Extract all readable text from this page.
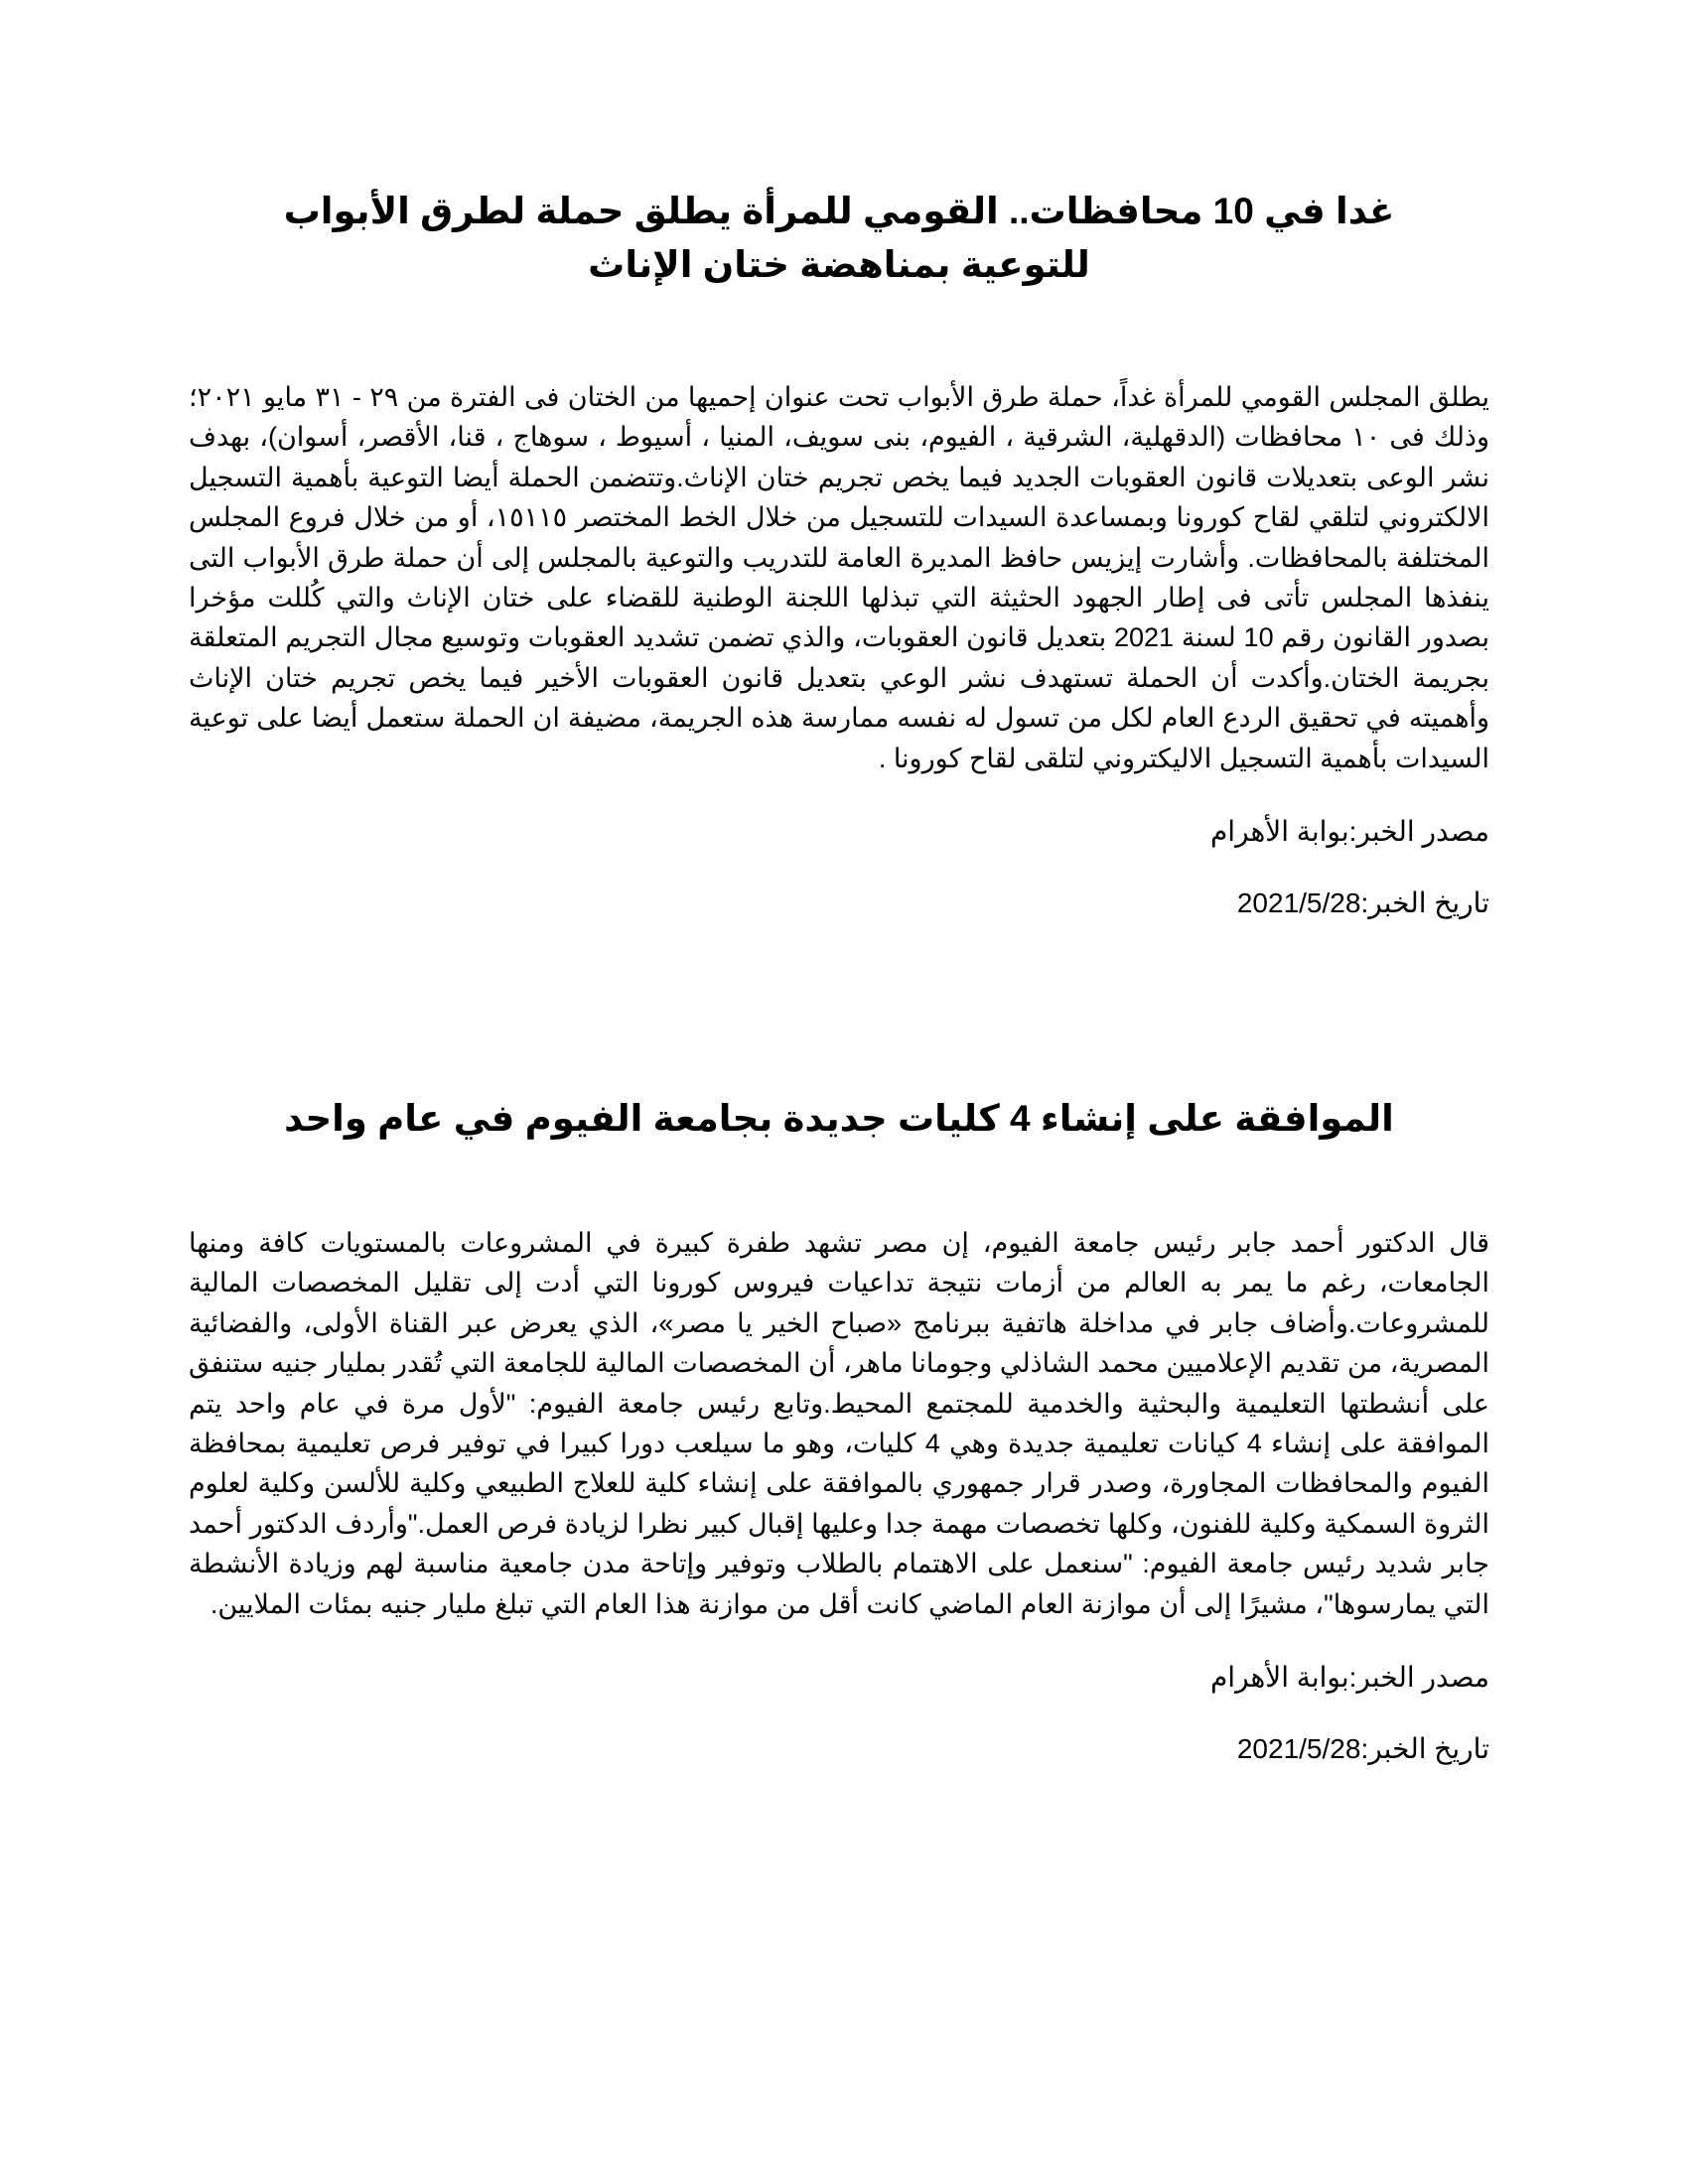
غدا في 10 محافظات.. القومي للمرأة يطلق حملة لطرق الأبواب للتوعية بمناهضة ختان الإناث

يطلق المجلس القومي للمرأة غداً، حملة طرق الأبواب تحت عنوان إحميها من الختان فى الفترة من ٢٩ - ٣١ مايو ٢٠٢١؛ وذلك فى ١٠ محافظات (الدقهلية، الشرقية ، الفيوم، بنى سويف، المنيا ، أسيوط ، سوهاج ، قنا، الأقصر، أسوان)، بهدف نشر الوعى بتعديلات قانون العقوبات الجديد فيما يخص تجريم ختان الإناث.وتتضمن الحملة أيضا التوعية بأهمية التسجيل الالكتروني لتلقي لقاح كورونا وبمساعدة السيدات للتسجيل من خلال الخط المختصر ١٥١١٥، أو من خلال فروع المجلس المختلفة بالمحافظات. وأشارت إيزيس حافظ المديرة العامة للتدريب والتوعية بالمجلس إلى أن حملة طرق الأبواب التى ينفذها المجلس تأتى فى إطار الجهود الحثيثة التي تبذلها اللجنة الوطنية للقضاء على ختان الإناث والتي كُللت مؤخرا بصدور القانون رقم 10 لسنة 2021 بتعديل قانون العقوبات، والذي تضمن تشديد العقوبات وتوسيع مجال التجريم المتعلقة بجريمة الختان.وأكدت أن الحملة تستهدف نشر الوعي بتعديل قانون العقوبات الأخير فيما يخص تجريم ختان الإناث وأهميته في تحقيق الردع العام لكل من تسول له نفسه ممارسة هذه الجريمة، مضيفة ان الحملة ستعمل أيضا على توعية السيدات بأهمية التسجيل الاليكتروني لتلقى لقاح كورونا .

مصدر الخبر:بوابة الأهرام

تاريخ الخبر:2021/5/28

الموافقة على إنشاء 4 كليات جديدة بجامعة الفيوم في عام واحد

قال الدكتور أحمد جابر رئيس جامعة الفيوم، إن مصر تشهد طفرة كبيرة في المشروعات بالمستويات كافة ومنها الجامعات، رغم ما يمر به العالم من أزمات نتيجة تداعيات فيروس كورونا التي أدت إلى تقليل المخصصات المالية للمشروعات.وأضاف جابر في مداخلة هاتفية ببرنامج «صباح الخير يا مصر»، الذي يعرض عبر القناة الأولى، والفضائية المصرية، من تقديم الإعلاميين محمد الشاذلي وجومانا ماهر، أن المخصصات المالية للجامعة التي تُقدر بمليار جنيه ستنفق على أنشطتها التعليمية والبحثية والخدمية للمجتمع المحيط.وتابع رئيس جامعة الفيوم: "لأول مرة في عام واحد يتم الموافقة على إنشاء 4 كيانات تعليمية جديدة وهي 4 كليات، وهو ما سيلعب دورا كبيرا في توفير فرص تعليمية بمحافظة الفيوم والمحافظات المجاورة، وصدر قرار جمهوري بالموافقة على إنشاء كلية للعلاج الطبيعي وكلية للألسن وكلية لعلوم الثروة السمكية وكلية للفنون، وكلها تخصصات مهمة جدا وعليها إقبال كبير نظرا لزيادة فرص العمل."وأردف الدكتور أحمد جابر شديد رئيس جامعة الفيوم: "سنعمل على الاهتمام بالطلاب وتوفير وإتاحة مدن جامعية مناسبة لهم وزيادة الأنشطة التي يمارسوها"، مشيرًا إلى أن موازنة العام الماضي كانت أقل من موازنة هذا العام التي تبلغ مليار جنيه بمئات الملايين.

مصدر الخبر:بوابة الأهرام

تاريخ الخبر:2021/5/28
